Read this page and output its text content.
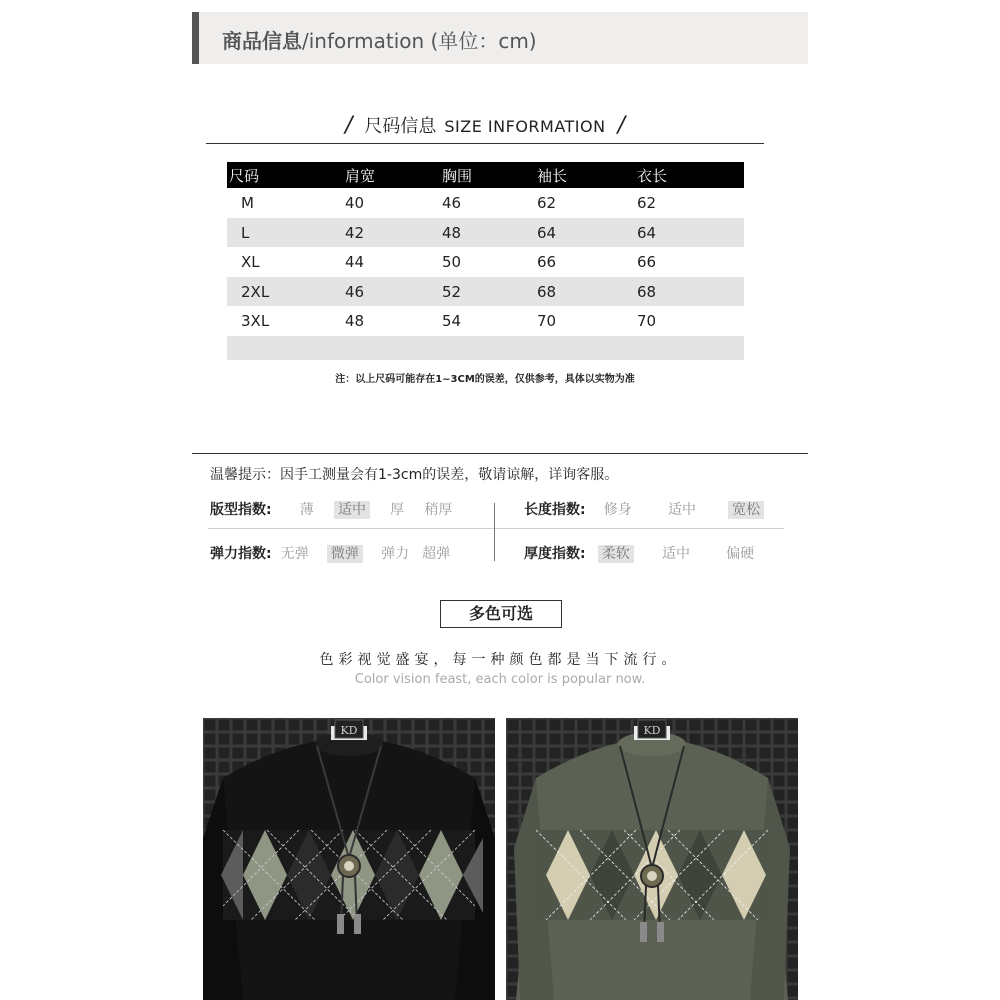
商品信息/information (单位：cm)
/ 尺码信息 SIZE INFORMATION /
尺码	肩宽	胸围	袖长	衣长
M	40	46	62	62
L	42	48	64	64
XL	44	50	66	66
2XL	46	52	68	68
3XL	48	54	70	70
注：以上尺码可能存在1~3CM的误差，仅供参考，具体以实物为准
温馨提示：因手工测量会有1-3cm的误差，敬请谅解，详询客服。
版型指数: 薄 适中 厚 稍厚	长度指数: 修身	适中	宽松
弹力指数: 无弹 微弹 弹力 超弹	厚度指数: 柔软 适中	偏硬
多色可选
色彩视觉盛宴，每一种颜色都是当下流行。
Color vision feast, each color is popular now.
KD	KD
